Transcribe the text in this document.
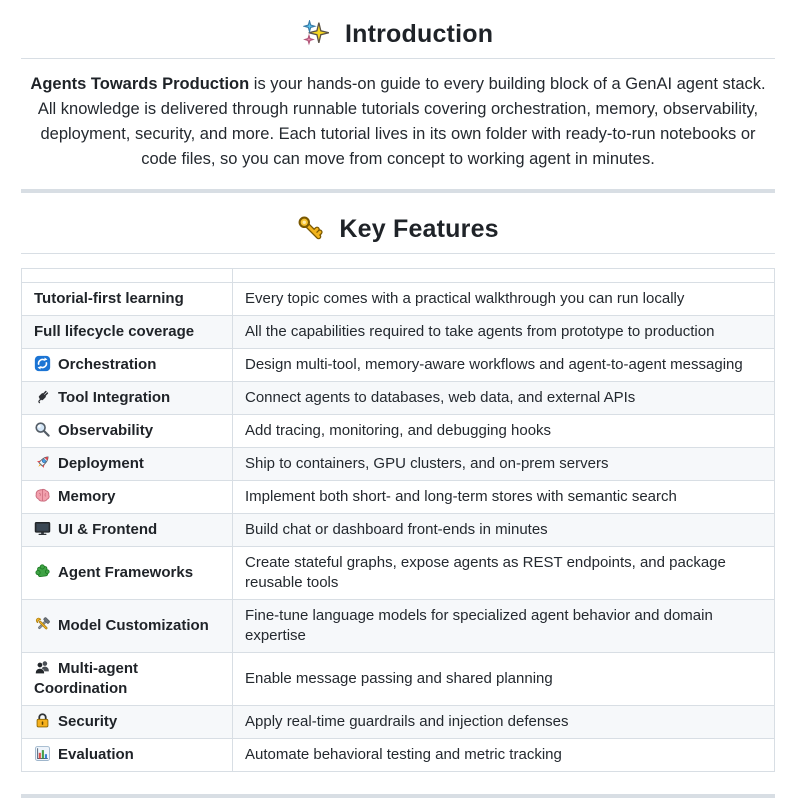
Introduction

Agents Towards Production is your hands-on guide to every building block of a GenAI agent stack.
All knowledge is delivered through runnable tutorials covering orchestration, memory, observability, deployment, security, and more. Each tutorial lives in its own folder with ready-to-run notebooks or code files, so you can move from concept to working agent in minutes.

Key Features

Tutorial-first learning	Every topic comes with a practical walkthrough you can run locally
Full lifecycle coverage	All the capabilities required to take agents from prototype to production

Orchestration	Design multi-tool, memory-aware workflows and agent-to-agent messaging

Tool Integration	Connect agents to databases, web data, and external APIs

Observability	Add tracing, monitoring, and debugging hooks

Deployment	Ship to containers, GPU clusters, and on-prem servers

Memory	Implement both short- and long-term stores with semantic search

UI & Frontend	Build chat or dashboard front-ends in minutes

Agent Frameworks	Create stateful graphs, expose agents as REST endpoints, and package reusable tools

Model Customization	Fine-tune language models for specialized agent behavior and domain expertise

Multi-agent Coordination	Enable message passing and shared planning

Security	Apply real-time guardrails and injection defenses

Evaluation	Automate behavioral testing and metric tracking
